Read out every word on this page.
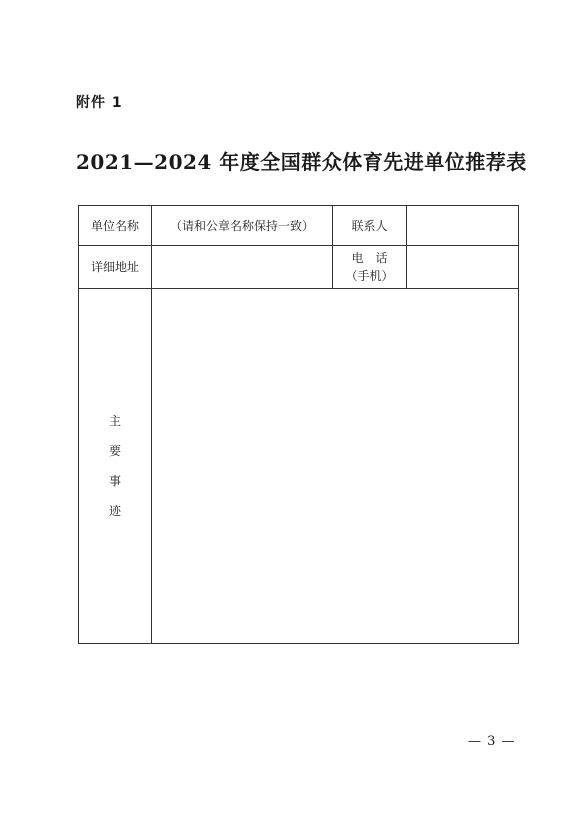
附件 1
2021—2024 年度全国群众体育先进单位推荐表
单位名称	（请和公章名称保持一致）	联系人	
详细地址		电　话
（手机）	

主要事迹			
— 3 —
